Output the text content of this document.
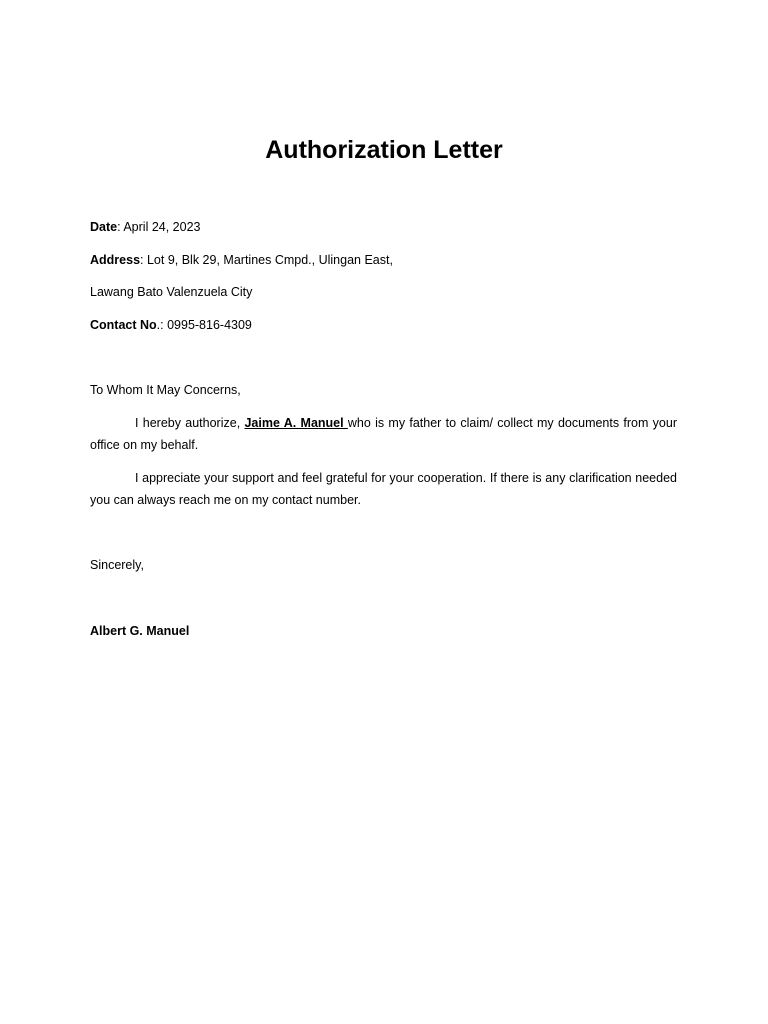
Authorization Letter
Date: April 24, 2023
Address: Lot 9, Blk 29, Martines Cmpd., Ulingan East,
Lawang Bato Valenzuela City
Contact No.: 0995-816-4309
To Whom It May Concerns,
I hereby authorize, Jaime A. Manuel who is my father to claim/ collect my documents from your office on my behalf.
I appreciate your support and feel grateful for your cooperation. If there is any clarification needed you can always reach me on my contact number.
Sincerely,
Albert G. Manuel
